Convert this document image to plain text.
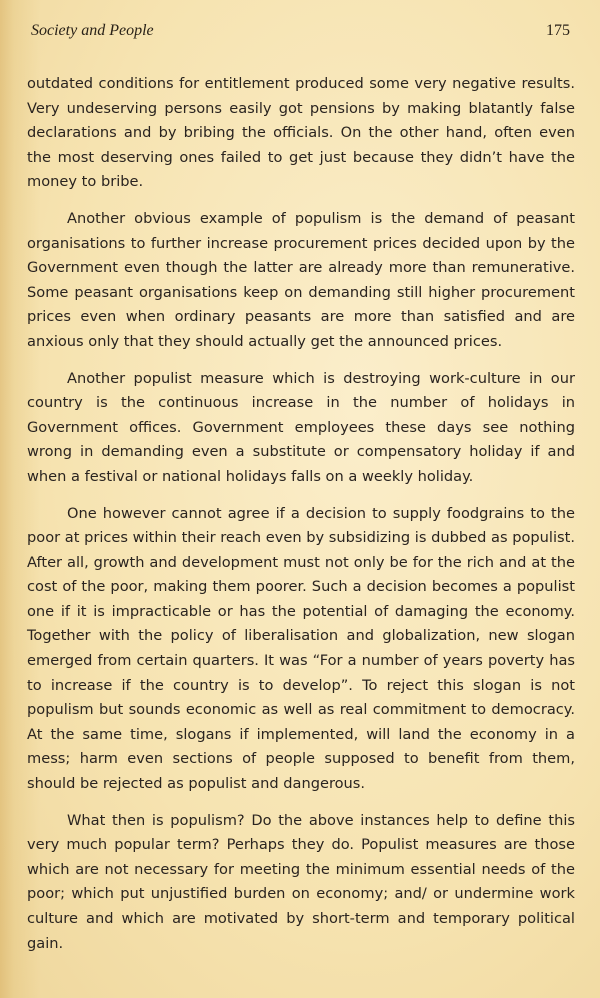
Society and People	175

outdated conditions for entitlement produced some very negative results. Very undeserving persons easily got pensions by making blatantly false declarations and by bribing the officials. On the other hand, often even the most deserving ones failed to get just because they didn’t have the money to bribe.

Another obvious example of populism is the demand of peasant organisations to further increase procurement prices decided upon by the Government even though the latter are already more than remunerative. Some peasant organisations keep on demanding still higher procurement prices even when ordinary peasants are more than satisfied and are anxious only that they should actually get the announced prices.

Another populist measure which is destroying work-culture in our country is the continuous increase in the number of holidays in Government offices. Government employees these days see nothing wrong in demanding even a substitute or compensatory holiday if and when a festival or national holidays falls on a weekly holiday.

One however cannot agree if a decision to supply foodgrains to the poor at prices within their reach even by subsidizing is dubbed as populist. After all, growth and development must not only be for the rich and at the cost of the poor, making them poorer. Such a decision becomes a populist one if it is impracticable or has the potential of damaging the economy. Together with the policy of liberalisation and globalization, new slogan emerged from certain quarters. It was “For a number of years poverty has to increase if the country is to develop”. To reject this slogan is not populism but sounds economic as well as real commitment to democracy. At the same time, slogans if implemented, will land the economy in a mess; harm even sections of people supposed to benefit from them, should be rejected as populist and dangerous.

What then is populism? Do the above instances help to define this very much popular term? Perhaps they do. Populist measures are those which are not necessary for meeting the minimum essential needs of the poor; which put unjustified burden on economy; and/ or undermine work culture and which are motivated by short-term and temporary political gain.
